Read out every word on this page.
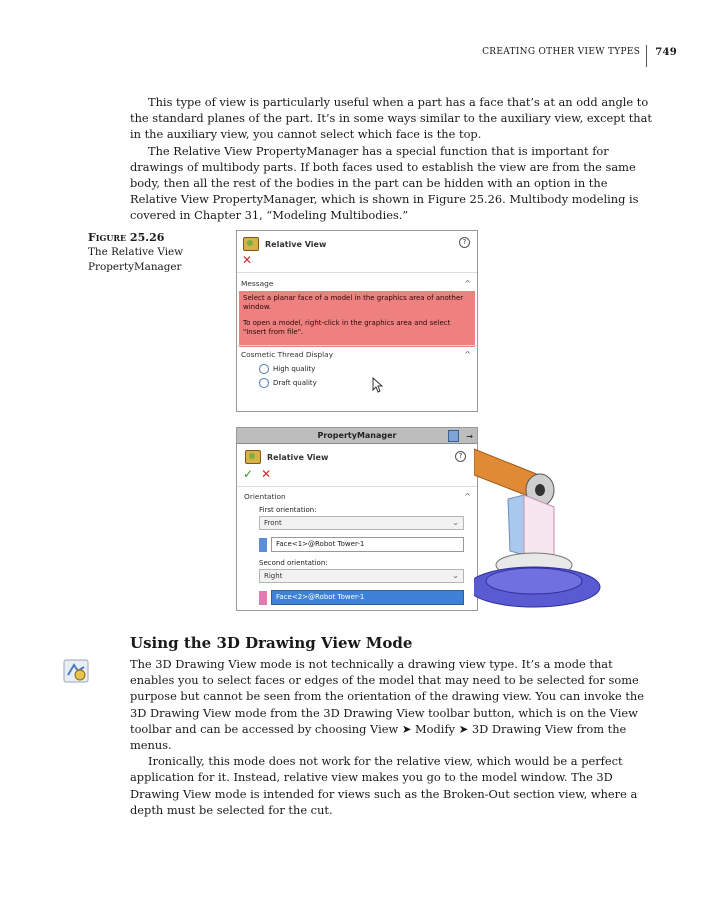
CREATING OTHER VIEW TYPES 749

This type of view is particularly useful when a part has a face that’s at an odd angle to the standard planes of the part. It’s in some ways similar to the auxiliary view, except that in the auxiliary view, you cannot select which face is the top.

The Relative View PropertyManager has a special function that is important for drawings of multibody parts. If both faces used to establish the view are from the same body, then all the rest of the bodies in the part can be hidden with an option in the Relative View PropertyManager, which is shown in Figure 25.26. Multibody modeling is covered in Chapter 31, “Modeling Multibodies.”

Figure 25.26
The Relative View PropertyManager
Relative View	?
✕
Message	^
Select a planar face of a model in the graphics area of another window.
To open a model, right-click in the graphics area and select "Insert from file".
Cosmetic Thread Display	^
High quality
Draft quality
PropertyManager	→
Relative View	?
✓ ✕
Orientation	^
First orientation:
Front	⌄
Face<1>@Robot Tower-1
Second orientation:
Right	⌄
Face<2>@Robot Tower-1
Using the 3D Drawing View Mode

The 3D Drawing View mode is not technically a drawing view type. It’s a mode that enables you to select faces or edges of the model that may need to be selected for some purpose but cannot be seen from the orientation of the drawing view. You can invoke the 3D Drawing View mode from the 3D Drawing View toolbar button, which is on the View toolbar and can be accessed by choosing View ➤ Modify ➤ 3D Drawing View from the menus.

Ironically, this mode does not work for the relative view, which would be a perfect application for it. Instead, relative view makes you go to the model window. The 3D Drawing View mode is intended for views such as the Broken-Out section view, where a depth must be selected for the cut.
